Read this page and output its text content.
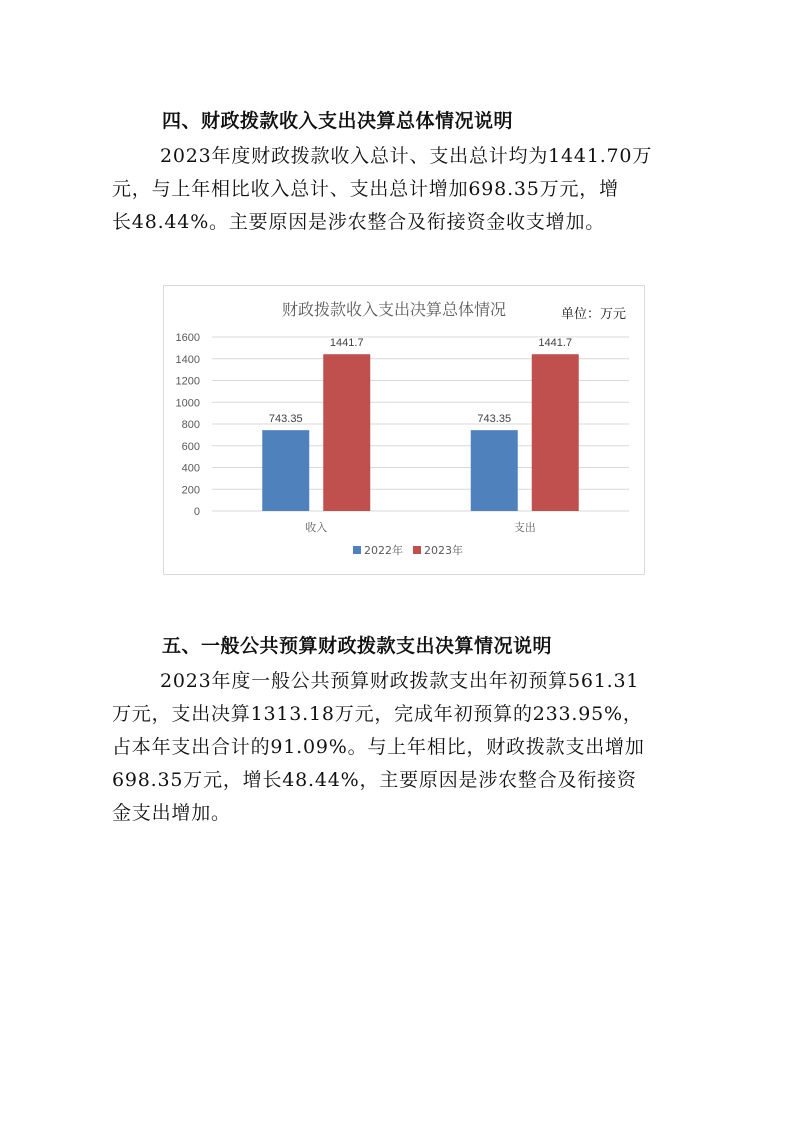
四、财政拨款收入支出决算总体情况说明
2023年度财政拨款收入总计、支出总计均为1441.70万
元，与上年相比收入总计、支出总计增加698.35万元，增
长48.44%。主要原因是涉农整合及衔接资金收支增加。
财政拨款收入支出决算总体情况	单位：万元
0
200
400
600
800
1000
1200
1400
1600
743.35
1441.7
743.35
1441.7
收入	支出
2022年 2023年
五、一般公共预算财政拨款支出决算情况说明
2023年度一般公共预算财政拨款支出年初预算561.31
万元，支出决算1313.18万元，完成年初预算的233.95%，
占本年支出合计的91.09%。与上年相比，财政拨款支出增加
698.35万元，增长48.44%，主要原因是涉农整合及衔接资
金支出增加。
